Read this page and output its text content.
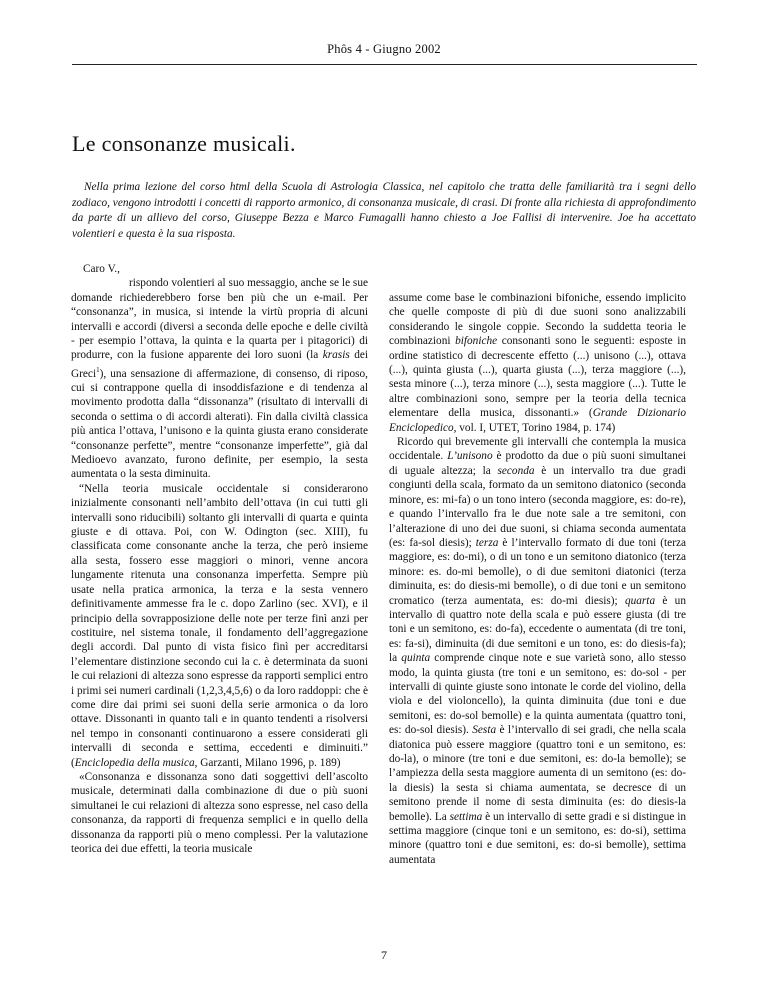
Phôs 4 - Giugno 2002
Le consonanze musicali.

Nella prima lezione del corso html della Scuola di Astrologia Classica, nel capitolo che tratta delle familiarità tra i segni dello zodiaco, vengono introdotti i concetti di rapporto armonico, di consonanza musicale, di crasi. Di fronte alla richiesta di approfondimento da parte di un allievo del corso, Giuseppe Bezza e Marco Fumagalli hanno chiesto a Joe Fallisi di intervenire. Joe ha accettato volentieri e questa è la sua risposta.

Caro V.,

rispondo volentieri al suo messaggio, anche se le sue domande richiederebbero forse ben più che un e-mail. Per “consonanza”, in musica, si intende la virtù propria di alcuni intervalli e accordi (diversi a seconda delle epoche e delle civiltà - per esempio l’ottava, la quinta e la quarta per i pitagorici) di produrre, con la fusione apparente dei loro suoni (la krasis dei Greci$^1$), una sensazione di affermazione, di consenso, di riposo, cui si contrappone quella di insoddisfazione e di tendenza al movimento prodotta dalla “dissonanza” (risultato di intervalli di seconda o settima o di accordi alterati). Fin dalla civiltà classica più antica l’ottava, l’unisono e la quinta giusta erano considerate “consonanze perfette”, mentre “consonanze imperfette”, già dal Medioevo avanzato, furono definite, per esempio, la sesta aumentata o la sesta diminuita.

“Nella teoria musicale occidentale si considerarono inizialmente consonanti nell’ambito dell’ottava (in cui tutti gli intervalli sono riducibili) soltanto gli intervalli di quarta e quinta giuste e di ottava. Poi, con W. Odington (sec. XIII), fu classificata come consonante anche la terza, che però insieme alla sesta, fossero esse maggiori o minori, venne ancora lungamente ritenuta una consonanza imperfetta. Sempre più usate nella pratica armonica, la terza e la sesta vennero definitivamente ammesse fra le c. dopo Zarlino (sec. XVI), e il principio della sovrapposizione delle note per terze finì anzi per costituire, nel sistema tonale, il fondamento dell’aggregazione degli accordi. Dal punto di vista fisico finì per accreditarsi l’elementare distinzione secondo cui la c. è determinata da suoni le cui relazioni di altezza sono espresse da rapporti semplici entro i primi sei numeri cardinali (1,2,3,4,5,6) o da loro raddoppi: che è come dire dai primi sei suoni della serie armonica o da loro ottave. Dissonanti in quanto tali e in quanto tendenti a risolversi nel tempo in consonanti continuarono a essere considerati gli intervalli di seconda e settima, eccedenti e diminuiti.” (Enciclopedia della musica, Garzanti, Milano 1996, p. 189)

«Consonanza e dissonanza sono dati soggettivi dell’ascolto musicale, determinati dalla combinazione di due o più suoni simultanei le cui relazioni di altezza sono espresse, nel caso della consonanza, da rapporti di frequenza semplici e in quello della dissonanza da rapporti più o meno complessi. Per la valutazione teorica dei due effetti, la teoria musicale

assume come base le combinazioni bifoniche, essendo implicito che quelle composte di più di due suoni sono analizzabili considerando le singole coppie. Secondo la suddetta teoria le combinazioni bifoniche consonanti sono le seguenti: esposte in ordine statistico di decrescente effetto (...) unisono (...), ottava (...), quinta giusta (...), quarta giusta (...), terza maggiore (...), sesta minore (...), terza minore (...), sesta maggiore (...). Tutte le altre combinazioni sono, sempre per la teoria della tecnica elementare della musica, dissonanti.» (Grande Dizionario Enciclopedico, vol. I, UTET, Torino 1984, p. 174)

Ricordo qui brevemente gli intervalli che contempla la musica occidentale. L’unisono è prodotto da due o più suoni simultanei di uguale altezza; la seconda è un intervallo tra due gradi congiunti della scala, formato da un semitono diatonico (seconda minore, es: mi-fa) o un tono intero (seconda maggiore, es: do-re), e quando l’intervallo fra le due note sale a tre semitoni, con l’alterazione di uno dei due suoni, si chiama seconda aumentata (es: fa-sol diesis); terza è l’intervallo formato di due toni (terza maggiore, es: do-mi), o di un tono e un semitono diatonico (terza minore: es. do-mi bemolle), o di due semitoni diatonici (terza diminuita, es: do diesis-mi bemolle), o di due toni e un semitono cromatico (terza aumentata, es: do-mi diesis); quarta è un intervallo di quattro note della scala e può essere giusta (di tre toni e un semitono, es: do-fa), eccedente o aumentata (di tre toni, es: fa-si), diminuita (di due semitoni e un tono, es: do diesis-fa); la quinta comprende cinque note e sue varietà sono, allo stesso modo, la quinta giusta (tre toni e un semitono, es: do-sol - per intervalli di quinte giuste sono intonate le corde del violino, della viola e del violoncello), la quinta diminuita (due toni e due semitoni, es: do-sol bemolle) e la quinta aumentata (quattro toni, es: do-sol diesis). Sesta è l’intervallo di sei gradi, che nella scala diatonica può essere maggiore (quattro toni e un semitono, es: do-la), o minore (tre toni e due semitoni, es: do-la bemolle); se l’ampiezza della sesta maggiore aumenta di un semitono (es: do-la diesis) la sesta si chiama aumentata, se decresce di un semitono prende il nome di sesta diminuita (es: do diesis-la bemolle). La settima è un intervallo di sette gradi e si distingue in settima maggiore (cinque toni e un semitono, es: do-si), settima minore (quattro toni e due semitoni, es: do-si bemolle), settima aumentata

7
